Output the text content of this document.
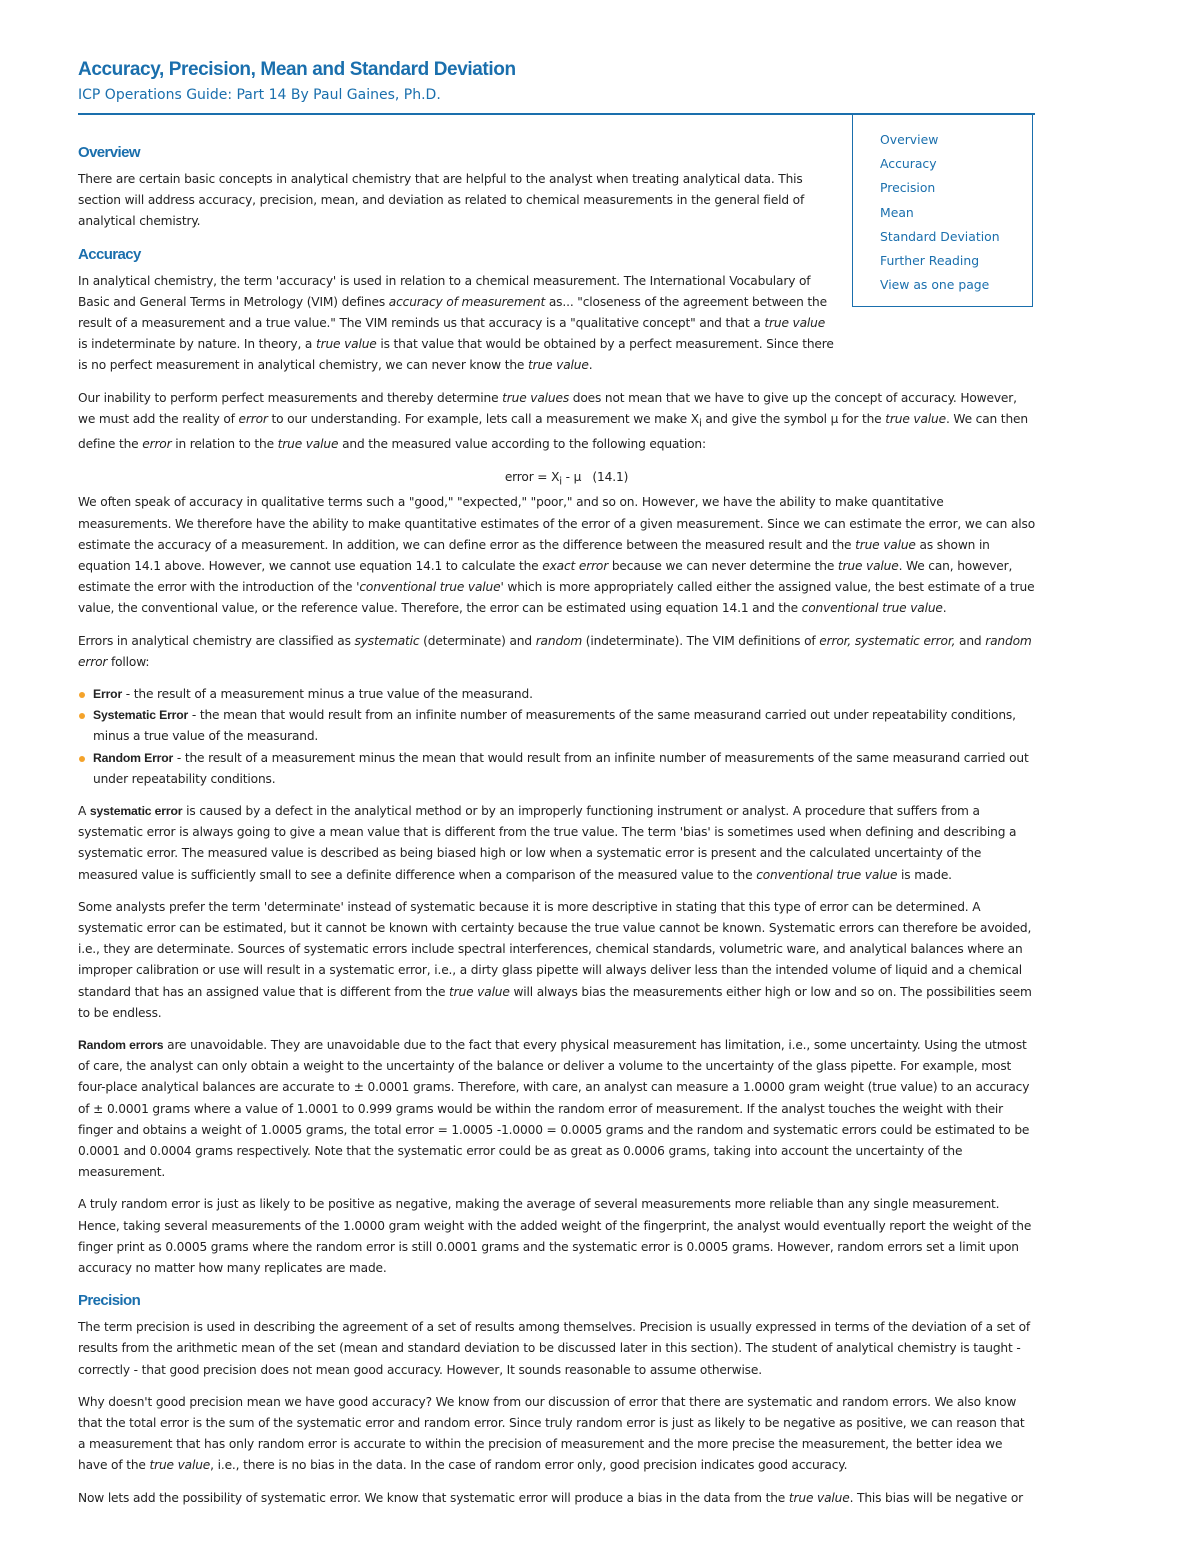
Accuracy, Precision, Mean and Standard Deviation
ICP Operations Guide: Part 14 By Paul Gaines, Ph.D.
Overview
Accuracy
Precision
Mean
Standard Deviation
Further Reading
View as one page
Overview

There are certain basic concepts in analytical chemistry that are helpful to the analyst when treating analytical data. This section will address accuracy, precision, mean, and deviation as related to chemical measurements in the general field of analytical chemistry.

Accuracy

In analytical chemistry, the term 'accuracy' is used in relation to a chemical measurement. The International Vocabulary of Basic and General Terms in Metrology (VIM) defines accuracy of measurement as... "closeness of the agreement between the result of a measurement and a true value." The VIM reminds us that accuracy is a "qualitative concept" and that a true value is indeterminate by nature. In theory, a true value is that value that would be obtained by a perfect measurement. Since there is no perfect measurement in analytical chemistry, we can never know the true value.

Our inability to perform perfect measurements and thereby determine true values does not mean that we have to give up the concept of accuracy. However, we must add the reality of error to our understanding. For example, lets call a measurement we make $X_i$ and give the symbol µ for the true value. We can then define the error in relation to the true value and the measured value according to the following equation:

error = $X_i$ - µ   (14.1)

We often speak of accuracy in qualitative terms such a "good," "expected," "poor," and so on. However, we have the ability to make quantitative measurements. We therefore have the ability to make quantitative estimates of the error of a given measurement. Since we can estimate the error, we can also estimate the accuracy of a measurement. In addition, we can define error as the difference between the measured result and the true value as shown in equation 14.1 above. However, we cannot use equation 14.1 to calculate the exact error because we can never determine the true value. We can, however, estimate the error with the introduction of the 'conventional true value' which is more appropriately called either the assigned value, the best estimate of a true value, the conventional value, or the reference value. Therefore, the error can be estimated using equation 14.1 and the conventional true value.

Errors in analytical chemistry are classified as systematic (determinate) and random (indeterminate). The VIM definitions of error, systematic error, and random error follow:

Error - the result of a measurement minus a true value of the measurand.
Systematic Error - the mean that would result from an infinite number of measurements of the same measurand carried out under repeatability conditions, minus a true value of the measurand.
Random Error - the result of a measurement minus the mean that would result from an infinite number of measurements of the same measurand carried out under repeatability conditions.

A systematic error is caused by a defect in the analytical method or by an improperly functioning instrument or analyst. A procedure that suffers from a systematic error is always going to give a mean value that is different from the true value. The term 'bias' is sometimes used when defining and describing a systematic error. The measured value is described as being biased high or low when a systematic error is present and the calculated uncertainty of the measured value is sufficiently small to see a definite difference when a comparison of the measured value to the conventional true value is made.

Some analysts prefer the term 'determinate' instead of systematic because it is more descriptive in stating that this type of error can be determined. A systematic error can be estimated, but it cannot be known with certainty because the true value cannot be known. Systematic errors can therefore be avoided, i.e., they are determinate. Sources of systematic errors include spectral interferences, chemical standards, volumetric ware, and analytical balances where an improper calibration or use will result in a systematic error, i.e., a dirty glass pipette will always deliver less than the intended volume of liquid and a chemical standard that has an assigned value that is different from the true value will always bias the measurements either high or low and so on. The possibilities seem to be endless.

Random errors are unavoidable. They are unavoidable due to the fact that every physical measurement has limitation, i.e., some uncertainty. Using the utmost of care, the analyst can only obtain a weight to the uncertainty of the balance or deliver a volume to the uncertainty of the glass pipette. For example, most four-place analytical balances are accurate to ± 0.0001 grams. Therefore, with care, an analyst can measure a 1.0000 gram weight (true value) to an accuracy of ± 0.0001 grams where a value of 1.0001 to 0.999 grams would be within the random error of measurement. If the analyst touches the weight with their finger and obtains a weight of 1.0005 grams, the total error = 1.0005 -1.0000 = 0.0005 grams and the random and systematic errors could be estimated to be 0.0001 and 0.0004 grams respectively. Note that the systematic error could be as great as 0.0006 grams, taking into account the uncertainty of the measurement.

A truly random error is just as likely to be positive as negative, making the average of several measurements more reliable than any single measurement. Hence, taking several measurements of the 1.0000 gram weight with the added weight of the fingerprint, the analyst would eventually report the weight of the finger print as 0.0005 grams where the random error is still 0.0001 grams and the systematic error is 0.0005 grams. However, random errors set a limit upon accuracy no matter how many replicates are made.

Precision

The term precision is used in describing the agreement of a set of results among themselves. Precision is usually expressed in terms of the deviation of a set of results from the arithmetic mean of the set (mean and standard deviation to be discussed later in this section). The student of analytical chemistry is taught - correctly - that good precision does not mean good accuracy. However, It sounds reasonable to assume otherwise.

Why doesn't good precision mean we have good accuracy? We know from our discussion of error that there are systematic and random errors. We also know that the total error is the sum of the systematic error and random error. Since truly random error is just as likely to be negative as positive, we can reason that a measurement that has only random error is accurate to within the precision of measurement and the more precise the measurement, the better idea we have of the true value, i.e., there is no bias in the data. In the case of random error only, good precision indicates good accuracy.

Now lets add the possibility of systematic error. We know that systematic error will produce a bias in the data from the true value. This bias will be negative or
